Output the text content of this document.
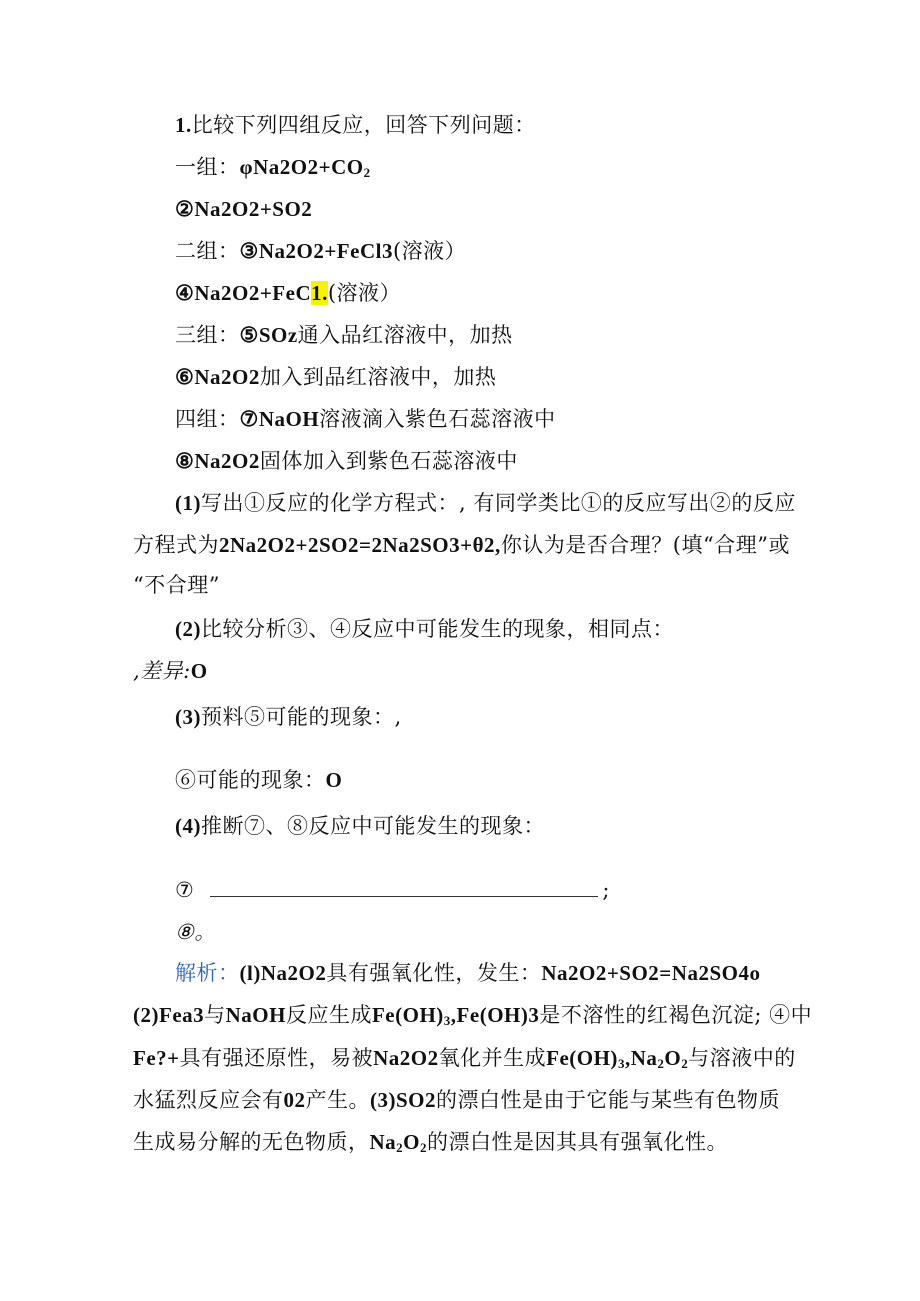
1.比较下列四组反应，回答下列问题：
一组：$\varphi Na2O2+CO_2$
②Na2O2+SO2
二组：③Na2O2+FeCl3(溶液）
④Na2O2+FeC1.(溶液）
三组：⑤SOz通入品红溶液中，加热
⑥Na2O2加入到品红溶液中，加热
四组：⑦NaOH溶液滴入紫色石蕊溶液中
⑧Na2O2固体加入到紫色石蕊溶液中
(1)写出①反应的化学方程式：, 有同学类比①的反应写出②的反应
方程式为2Na2O2+2SO2=2Na2SO3+θ2,你认为是否合理？(填“合理”或
“不合理”
(2)比较分析③、④反应中可能发生的现象，相同点：
,差异:O
(3)预料⑤可能的现象：,
⑥可能的现象：O
(4)推断⑦、⑧反应中可能发生的现象：
⑦	;
⑧。
解析：(l)Na2O2具有强氧化性，发生：Na2O2+SO2=Na2SO4o
(2)Fea3与NaOH反应生成$Fe(OH)_3,Fe(OH)3$是不溶性的红褐色沉淀; ④中
Fe?+具有强还原性，易被Na2O2氧化并生成$Fe(OH)_3,Na_2O_2$与溶液中的
水猛烈反应会有02产生。(3)SO2的漂白性是由于它能与某些有色物质
生成易分解的无色物质，$Na_2O_2$的漂白性是因其具有强氧化性。
